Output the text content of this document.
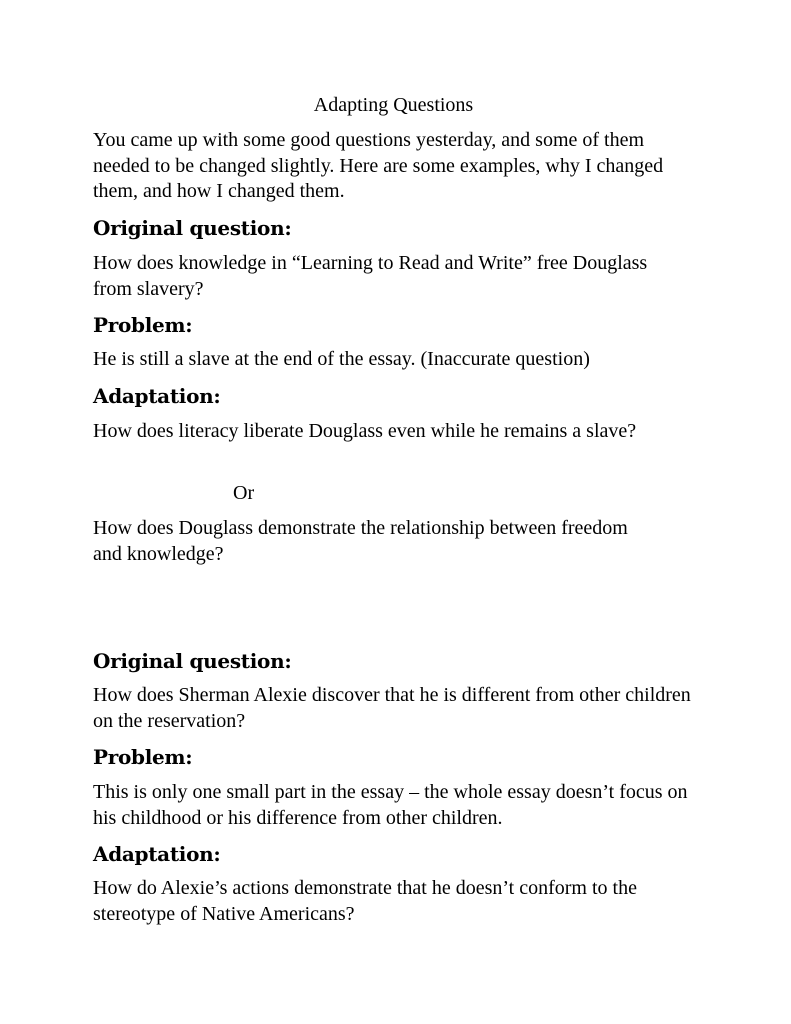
Adapting Questions

You came up with some good questions yesterday, and some of them needed to be changed slightly. Here are some examples, why I changed them, and how I changed them.

Original question:

How does knowledge in “Learning to Read and Write” free Douglass from slavery?

Problem:

He is still a slave at the end of the essay. (Inaccurate question)

Adaptation:

How does literacy liberate Douglass even while he remains a slave?

Or

How does Douglass demonstrate the relationship between freedom and knowledge?

Original question:

How does Sherman Alexie discover that he is different from other children on the reservation?

Problem:

This is only one small part in the essay – the whole essay doesn’t focus on his childhood or his difference from other children.

Adaptation:

How do Alexie’s actions demonstrate that he doesn’t conform to the stereotype of Native Americans?
